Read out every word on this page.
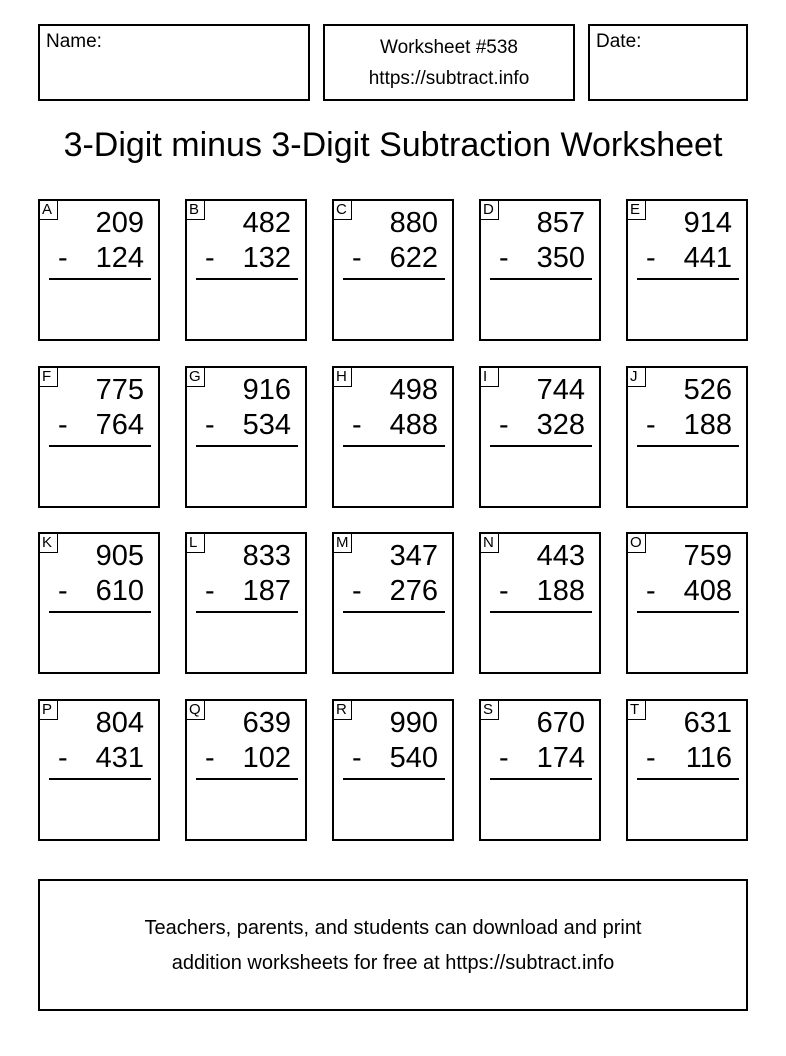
Name:	Worksheet #538
https://subtract.info
Date:
3-Digit minus 3-Digit Subtraction Worksheet
A 209
- 124
B 482
- 132
C 880
- 622
D 857
- 350
E 914
- 441
F 775
- 764
G 916
- 534
H 498
- 488
I	744
- 328
J 526
- 188
K 905
- 610
L 833
- 187
M 347
- 276
N 443
- 188
O 759
- 408
P 804
- 431
Q 639
- 102
R 990
- 540
S 670
- 174
T 631
- 116
Teachers, parents, and students can download and print
addition worksheets for free at https://subtract.info
